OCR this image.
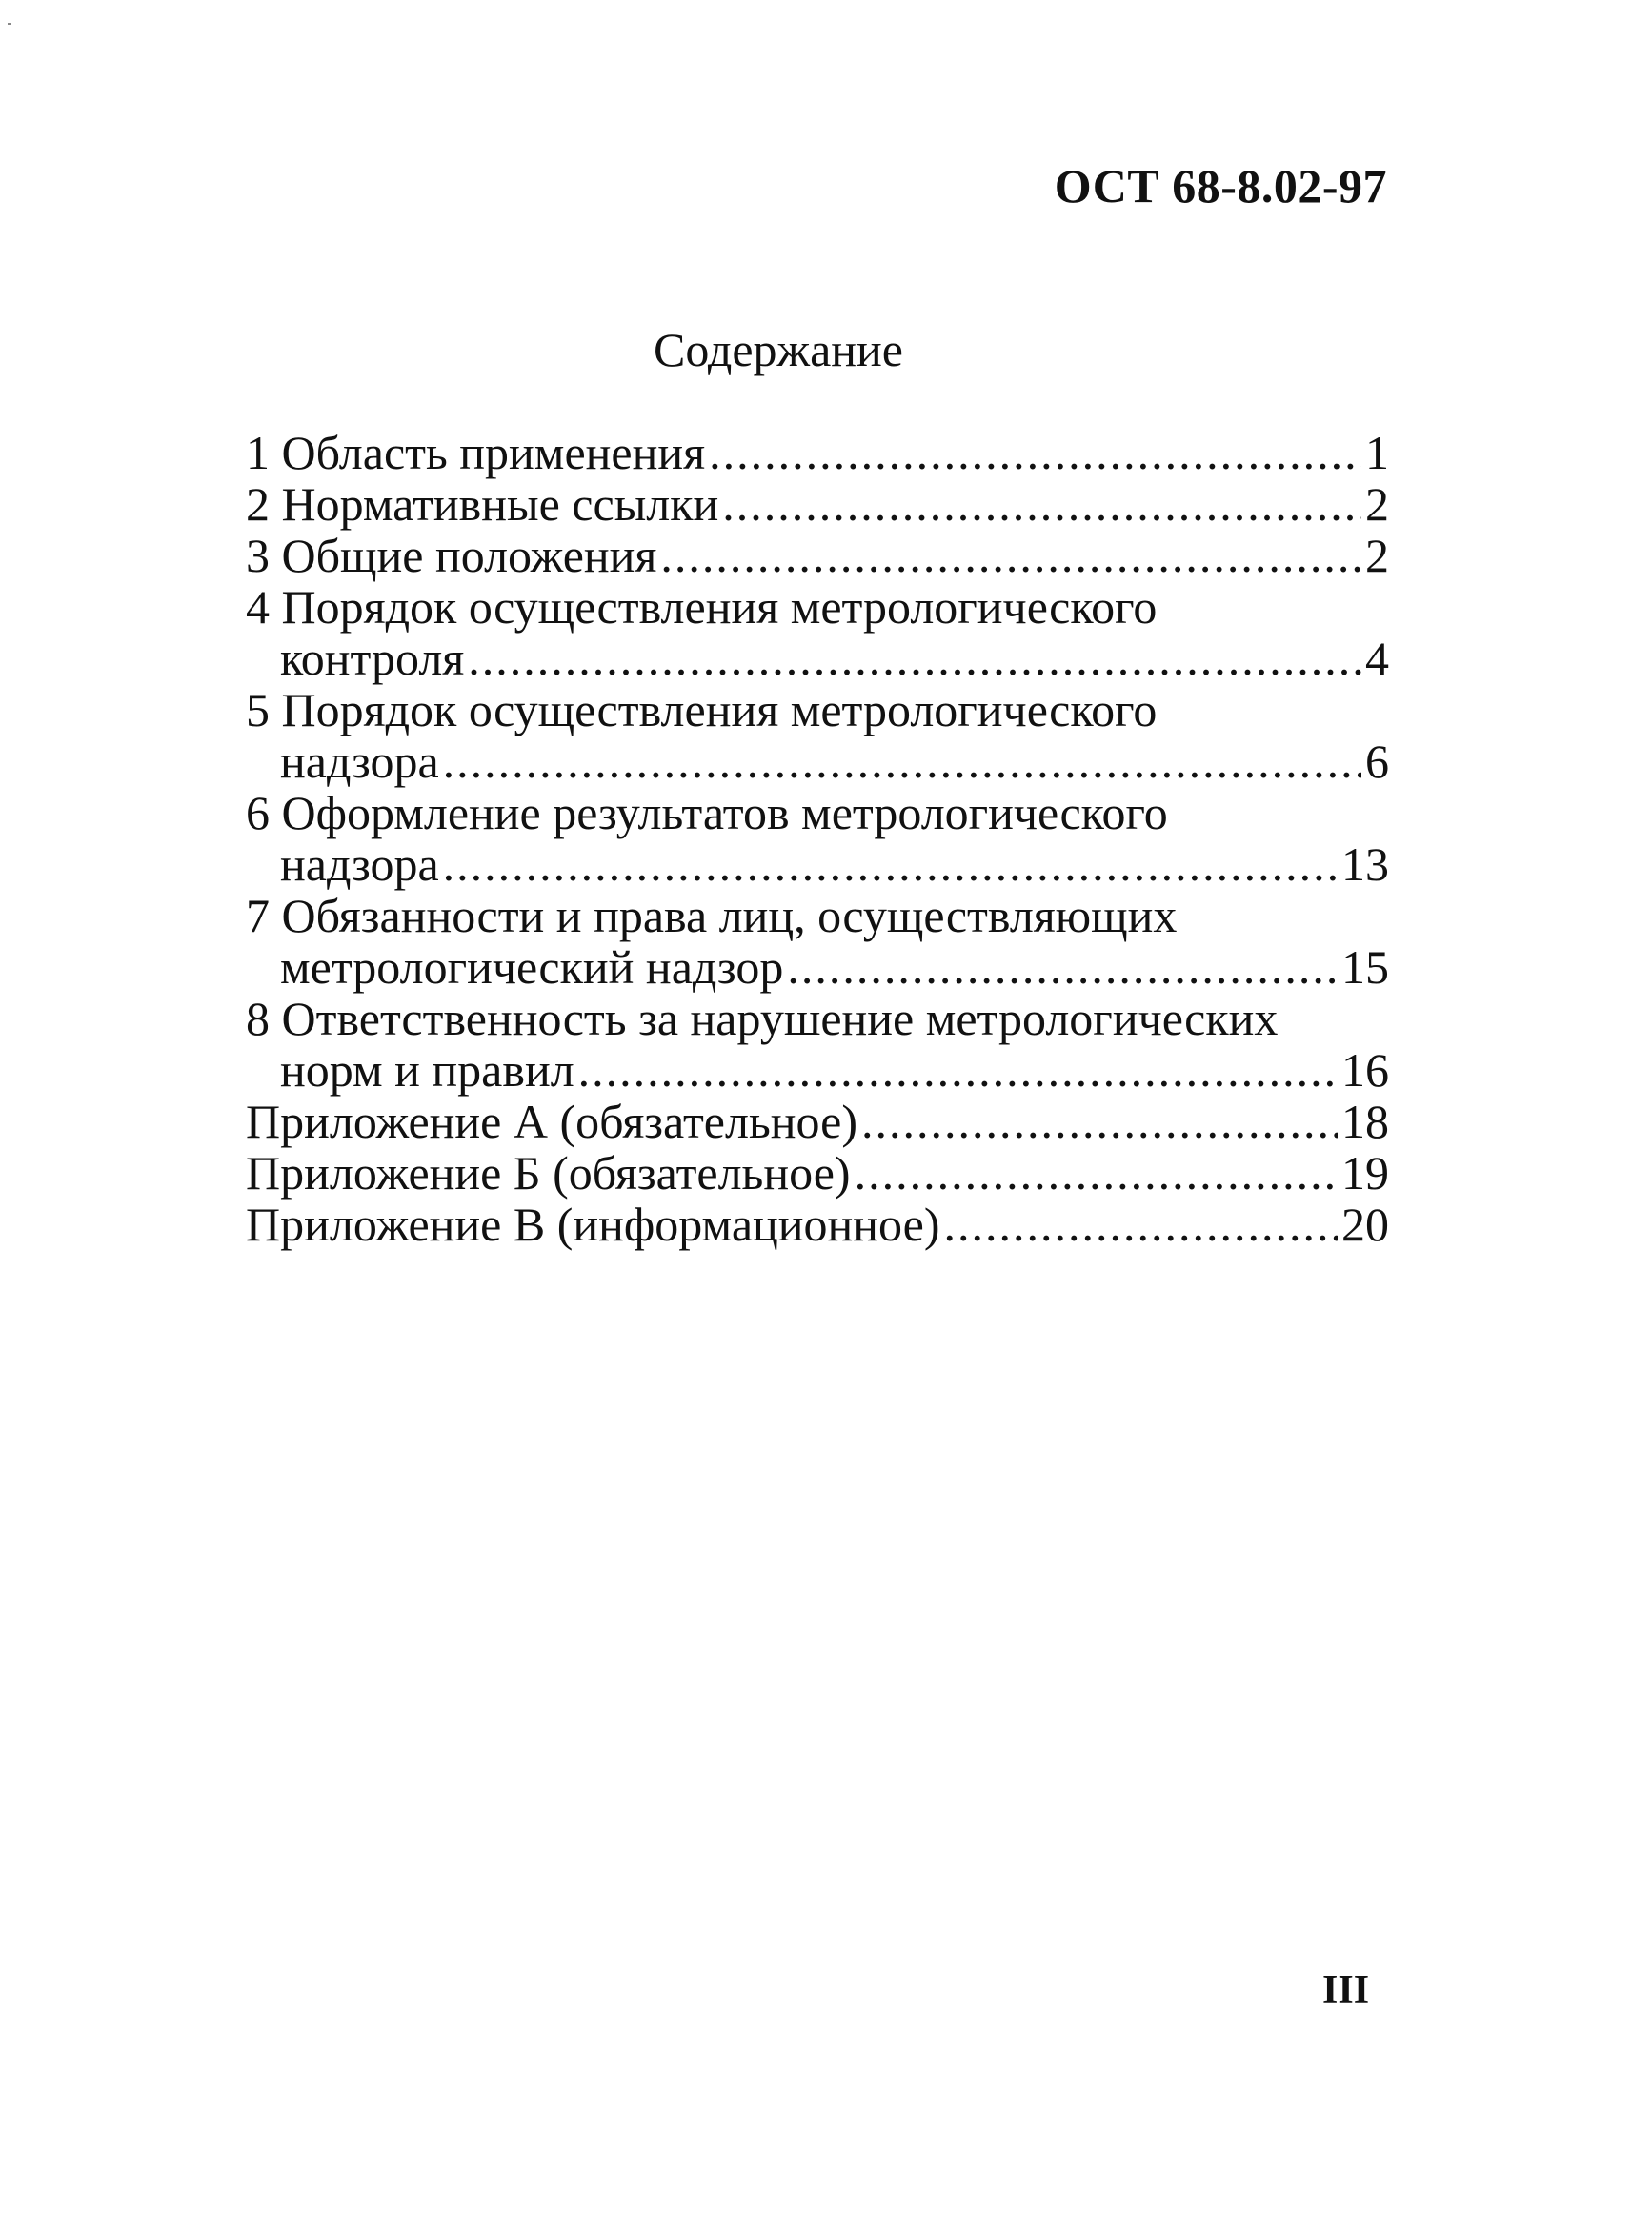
ОСТ 68-8.02-97
Содержание
1 Область применения .....	1
2 Нормативные ссылки .....	2
3 Общие положения .....	2
4 Порядок осуществления метрологического
контроля .....	4
5 Порядок осуществления метрологического
надзора .....	6
6 Оформление результатов метрологического
надзора .....	13
7 Обязанности и права лиц, осуществляющих
метрологический надзор .....	15
8 Ответственность за нарушение метрологических
норм и правил .....	16
Приложение А (обязательное) .....	18
Приложение Б (обязательное) .....	19
Приложение В (информационное) .....	20
III
